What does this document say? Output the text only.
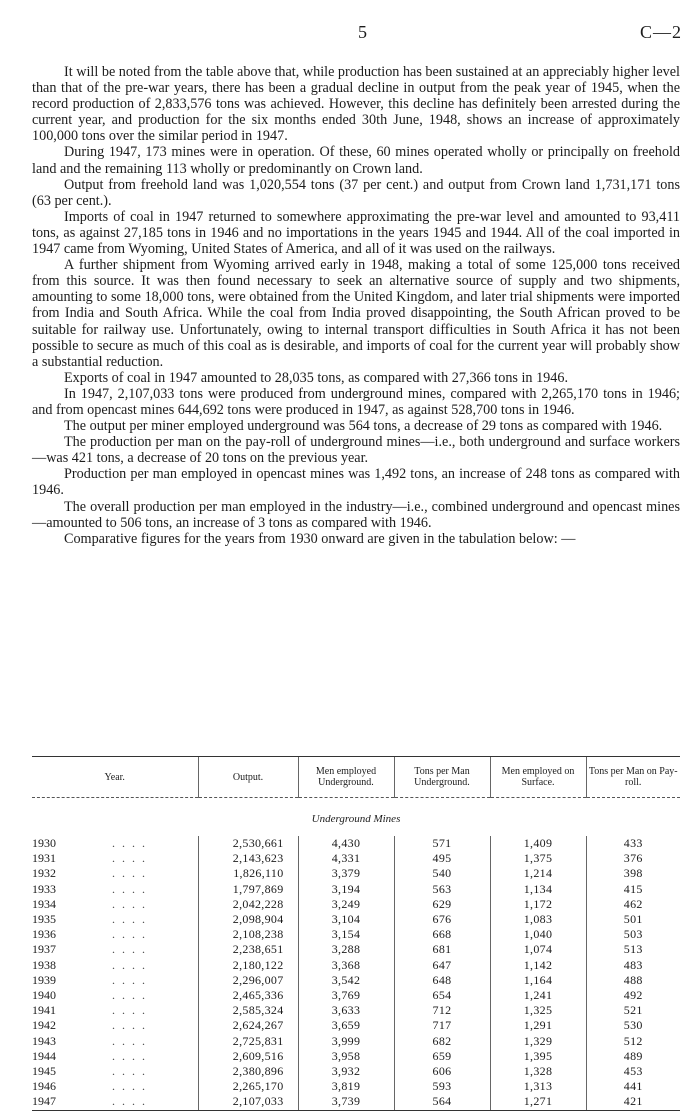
5	C—2

It will be noted from the table above that, while production has been sustained at an appreciably higher level than that of the pre-war years, there has been a gradual decline in output from the peak year of 1945, when the record production of 2,833,576 tons was achieved. However, this decline has definitely been arrested during the current year, and production for the six months ended 30th June, 1948, shows an increase of approximately 100,000 tons over the similar period in 1947.

During 1947, 173 mines were in operation. Of these, 60 mines operated wholly or principally on freehold land and the remaining 113 wholly or predominantly on Crown land.

Output from freehold land was 1,020,554 tons (37 per cent.) and output from Crown land 1,731,171 tons (63 per cent.).

Imports of coal in 1947 returned to somewhere approximating the pre-war level and amounted to 93,411 tons, as against 27,185 tons in 1946 and no importations in the years 1945 and 1944. All of the coal imported in 1947 came from Wyoming, United States of America, and all of it was used on the railways.

A further shipment from Wyoming arrived early in 1948, making a total of some 125,000 tons received from this source. It was then found necessary to seek an alternative source of supply and two shipments, amounting to some 18,000 tons, were obtained from the United Kingdom, and later trial shipments were imported from India and South Africa. While the coal from India proved disappointing, the South African proved to be suitable for railway use. Unfortunately, owing to internal transport difficulties in South Africa it has not been possible to secure as much of this coal as is desirable, and imports of coal for the current year will probably show a substantial reduction.

Exports of coal in 1947 amounted to 28,035 tons, as compared with 27,366 tons in 1946.

In 1947, 2,107,033 tons were produced from underground mines, compared with 2,265,170 tons in 1946; and from opencast mines 644,692 tons were produced in 1947, as against 528,700 tons in 1946.

The output per miner employed underground was 564 tons, a decrease of 29 tons as compared with 1946.

The production per man on the pay-roll of underground mines—i.e., both underground and surface workers—was 421 tons, a decrease of 20 tons on the previous year.

Production per man employed in opencast mines was 1,492 tons, an increase of 248 tons as compared with 1946.

The overall production per man employed in the industry—i.e., combined underground and opencast mines—amounted to 506 tons, an increase of 3 tons as compared with 1946.

Comparative figures for the years from 1930 onward are given in the tabulation below: —

Year.	Output.	Men employed Underground.	Tons per Man Underground.	Men employed on Surface.	Tons per Man on Pay-roll.
Underground Mines					
1930 . . . .	2,530,661	4,430	571	1,409	433
1931 . . . .	2,143,623	4,331	495	1,375	376
1932 . . . .	1,826,110	3,379	540	1,214	398
1933 . . . .	1,797,869	3,194	563	1,134	415
1934 . . . .	2,042,228	3,249	629	1,172	462
1935 . . . .	2,098,904	3,104	676	1,083	501
1936 . . . .	2,108,238	3,154	668	1,040	503
1937 . . . .	2,238,651	3,288	681	1,074	513
1938 . . . .	2,180,122	3,368	647	1,142	483
1939 . . . .	2,296,007	3,542	648	1,164	488
1940 . . . .	2,465,336	3,769	654	1,241	492
1941 . . . .	2,585,324	3,633	712	1,325	521
1942 . . . .	2,624,267	3,659	717	1,291	530
1943 . . . .	2,725,831	3,999	682	1,329	512
1944 . . . .	2,609,516	3,958	659	1,395	489
1945 . . . .	2,380,896	3,932	606	1,328	453
1946 . . . .	2,265,170	3,819	593	1,313	441
1947 . . . .	2,107,033	3,739	564	1,271	421
